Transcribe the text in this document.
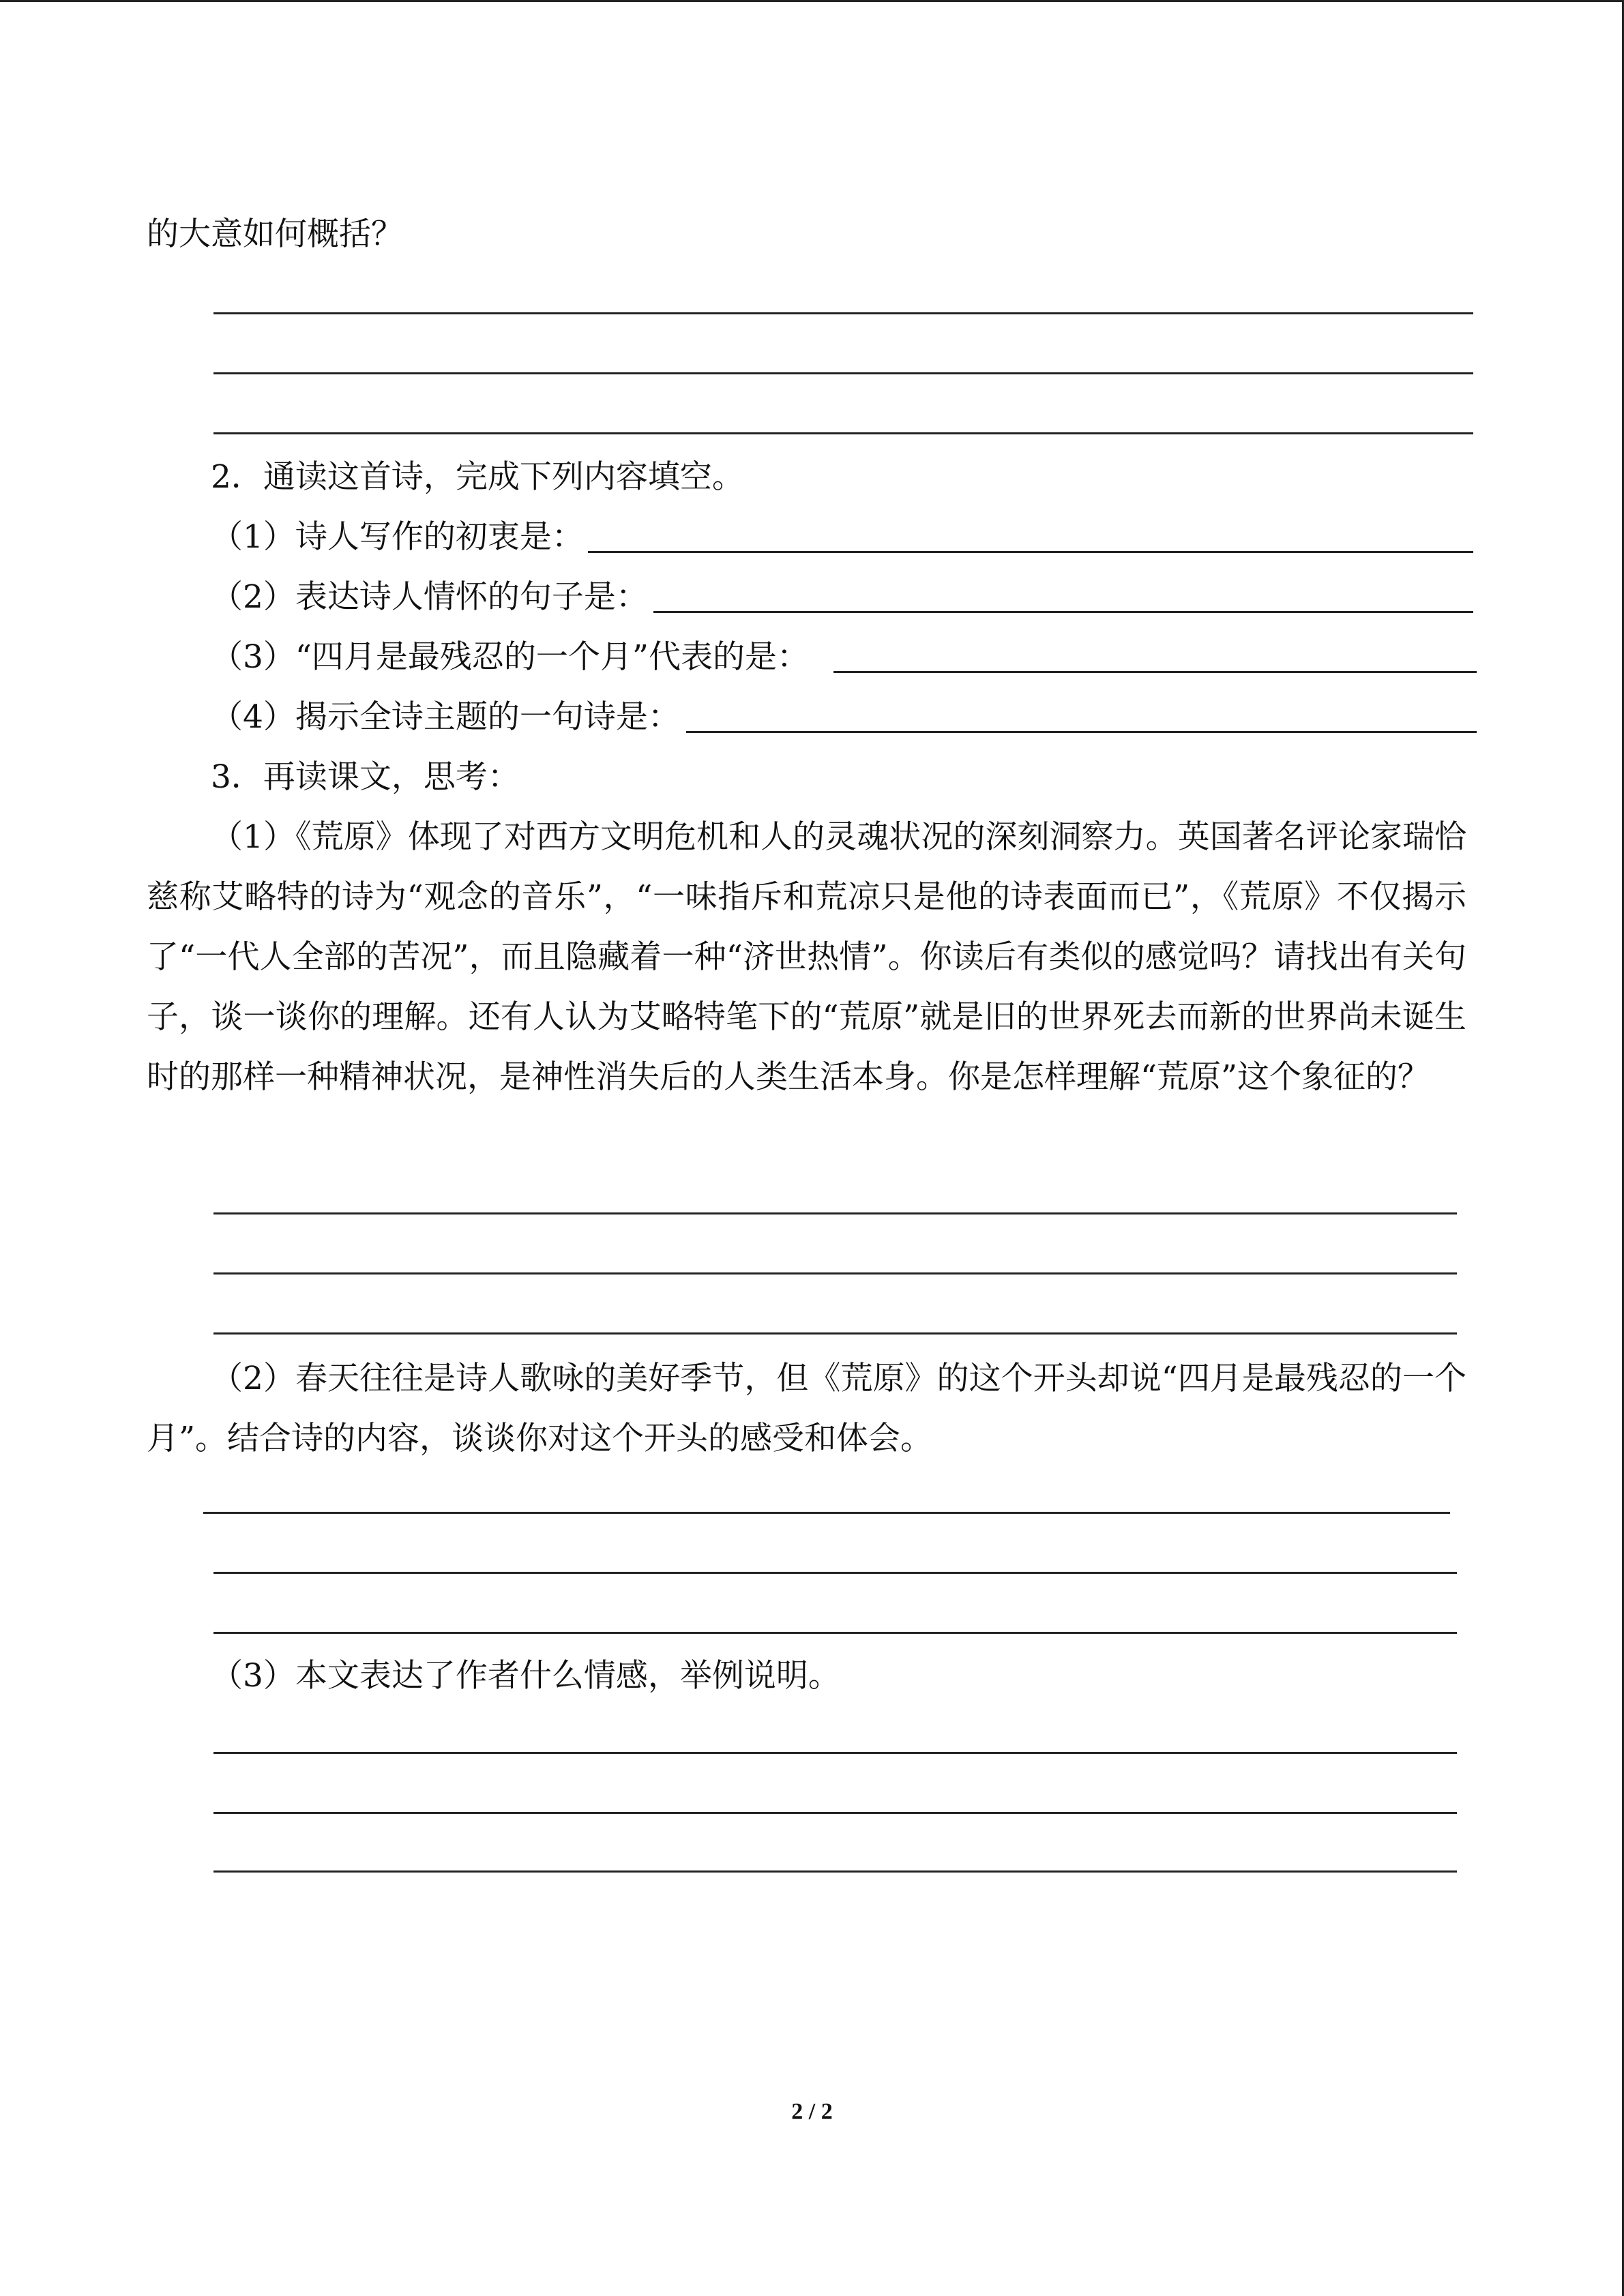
的大意如何概括？
2．通读这首诗，完成下列内容填空。
（1）诗人写作的初衷是：
（2）表达诗人情怀的句子是：
（3）“四月是最残忍的一个月”代表的是：
（4）揭示全诗主题的一句诗是：
3．再读课文，思考：
（1）《荒原》体现了对西方文明危机和人的灵魂状况的深刻洞察力。英国著名评论家瑞恰慈称艾略特的诗为“观念的音乐”，“一味指斥和荒凉只是他的诗表面而已”，《荒原》不仅揭示了“一代人全部的苦况”，而且隐藏着一种“济世热情”。你读后有类似的感觉吗？请找出有关句子，谈一谈你的理解。还有人认为艾略特笔下的“荒原”就是旧的世界死去而新的世界尚未诞生时的那样一种精神状况，是神性消失后的人类生活本身。你是怎样理解“荒原”这个象征的？
（2）春天往往是诗人歌咏的美好季节，但《荒原》的这个开头却说“四月是最残忍的一个月”。结合诗的内容，谈谈你对这个开头的感受和体会。
（3）本文表达了作者什么情感，举例说明。
2 / 2
